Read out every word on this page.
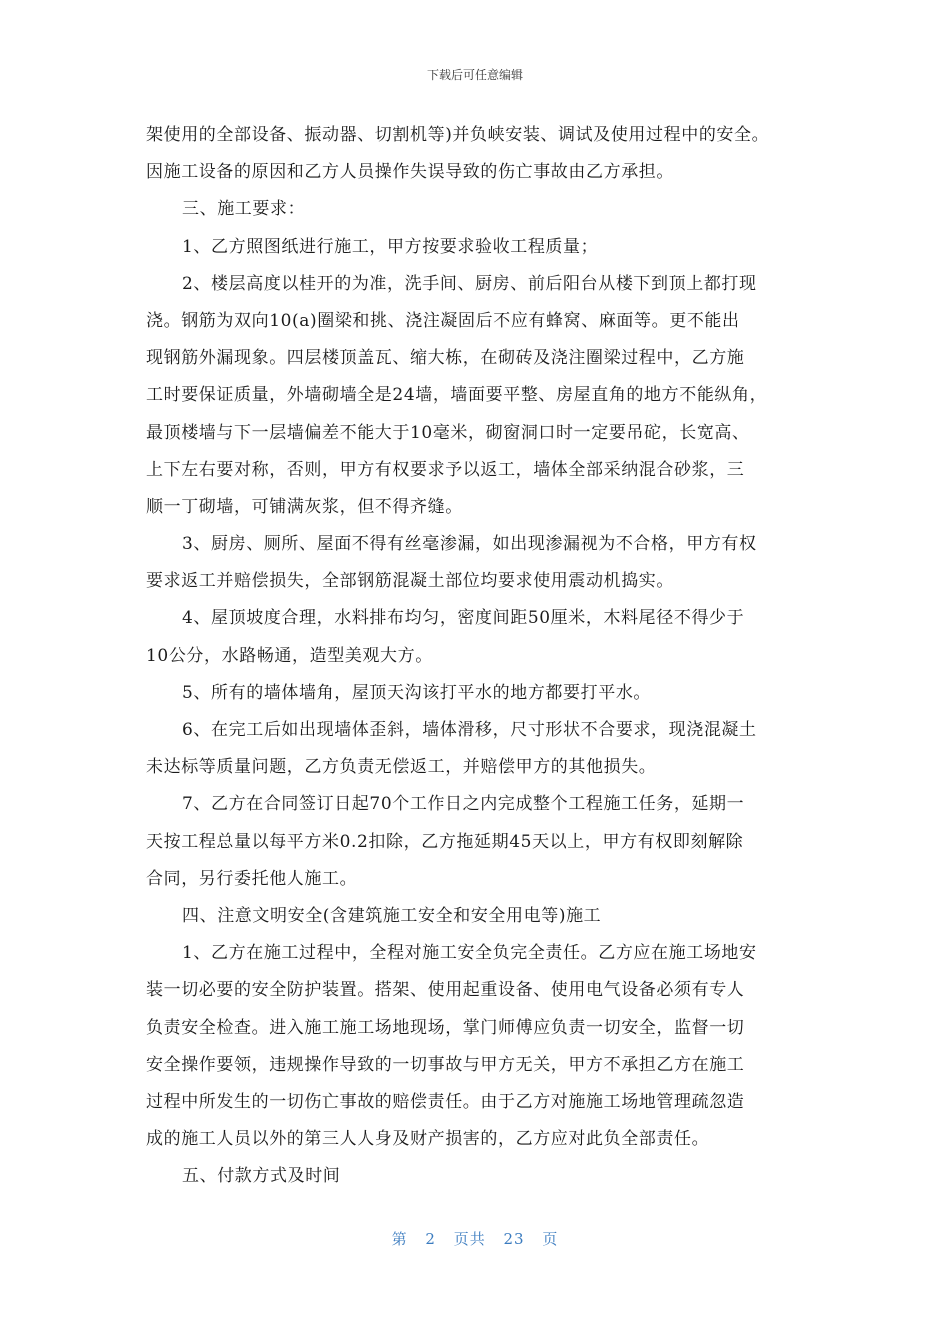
下载后可任意编辑
架使用的全部设备、振动器、切割机等)并负峡安装、调试及使用过程中的安全。
因施工设备的原因和乙方人员操作失误导致的伤亡事故由乙方承担。
三、施工要求：
1、乙方照图纸进行施工，甲方按要求验收工程质量；
2、楼层高度以桂开的为准，洗手间、厨房、前后阳台从楼下到顶上都打现
浇。钢筋为双向10(a)圈梁和挑、浇注凝固后不应有蜂窝、麻面等。更不能出
现钢筋外漏现象。四层楼顶盖瓦、缩大栋，在砌砖及浇注圈梁过程中，乙方施
工时要保证质量，外墙砌墙全是24墙，墙面要平整、房屋直角的地方不能纵角，
最顶楼墙与下一层墙偏差不能大于10毫米，砌窗洞口时一定要吊砣，长宽高、
上下左右要对称，否则，甲方有权要求予以返工，墙体全部采纳混合砂浆，三
顺一丁砌墙，可铺满灰浆，但不得齐缝。
3、厨房、厕所、屋面不得有丝毫渗漏，如出现渗漏视为不合格，甲方有权
要求返工并赔偿损失，全部钢筋混凝土部位均要求使用震动机捣实。
4、屋顶坡度合理，水料排布均匀，密度间距50厘米，木料尾径不得少于
10公分，水路畅通，造型美观大方。
5、所有的墙体墙角，屋顶天沟该打平水的地方都要打平水。
6、在完工后如出现墙体歪斜，墙体滑移，尺寸形状不合要求，现浇混凝土
未达标等质量问题，乙方负责无偿返工，并赔偿甲方的其他损失。
7、乙方在合同签订日起70个工作日之内完成整个工程施工任务，延期一
天按工程总量以每平方米0.2扣除，乙方拖延期45天以上，甲方有权即刻解除
合同，另行委托他人施工。
四、注意文明安全(含建筑施工安全和安全用电等)施工
1、乙方在施工过程中，全程对施工安全负完全责任。乙方应在施工场地安
装一切必要的安全防护装置。搭架、使用起重设备、使用电气设备必须有专人
负责安全检查。进入施工施工场地现场，掌门师傅应负责一切安全，监督一切
安全操作要领，违规操作导致的一切事故与甲方无关，甲方不承担乙方在施工
过程中所发生的一切伤亡事故的赔偿责任。由于乙方对施施工场地管理疏忽造
成的施工人员以外的第三人人身及财产损害的，乙方应对此负全部责任。
五、付款方式及时间
第 2 页共 23 页
